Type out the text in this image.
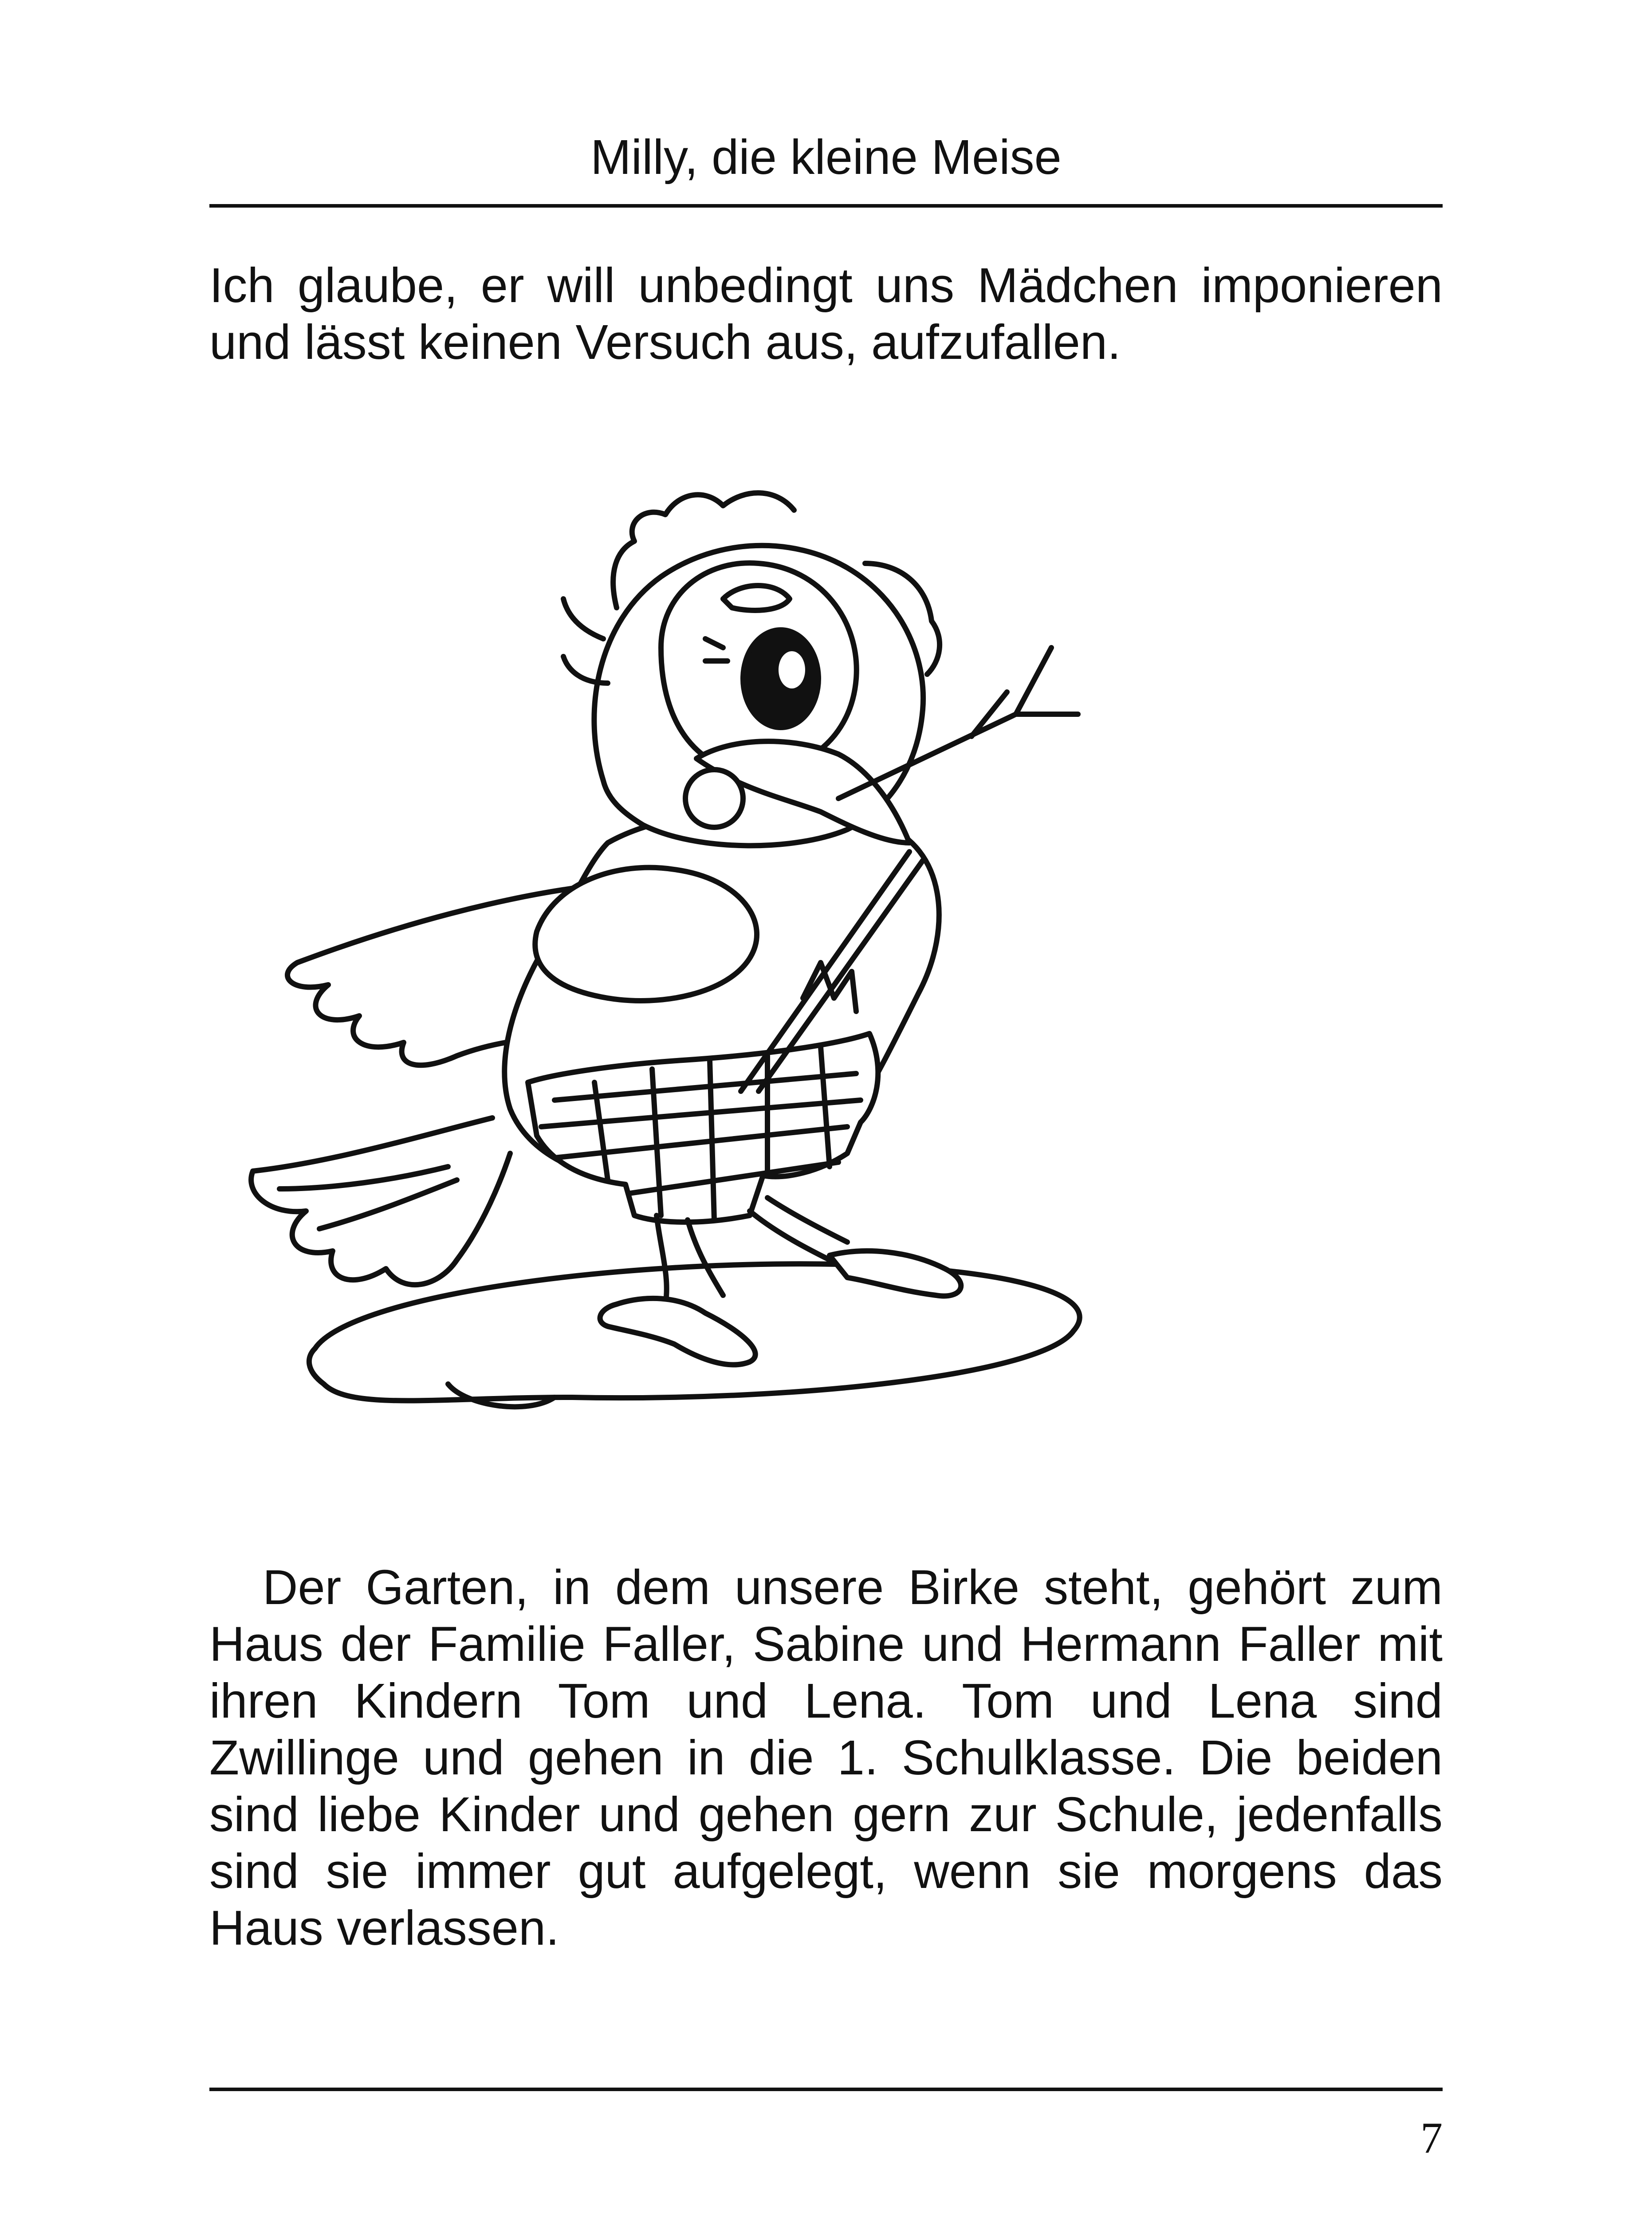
Milly, die kleine Meise

Ich glaube, er will unbedingt uns Mädchen imponieren und lässt keinen Versuch aus, aufzufallen.

Der Garten, in dem unsere Birke steht, gehört zum Haus der Familie Faller, Sabine und Hermann Faller mit ihren Kindern Tom und Lena. Tom und Lena sind Zwillinge und gehen in die 1. Schulklasse. Die beiden sind liebe Kinder und gehen gern zur Schule, jedenfalls sind sie immer gut aufgelegt, wenn sie morgens das Haus verlassen.

7
